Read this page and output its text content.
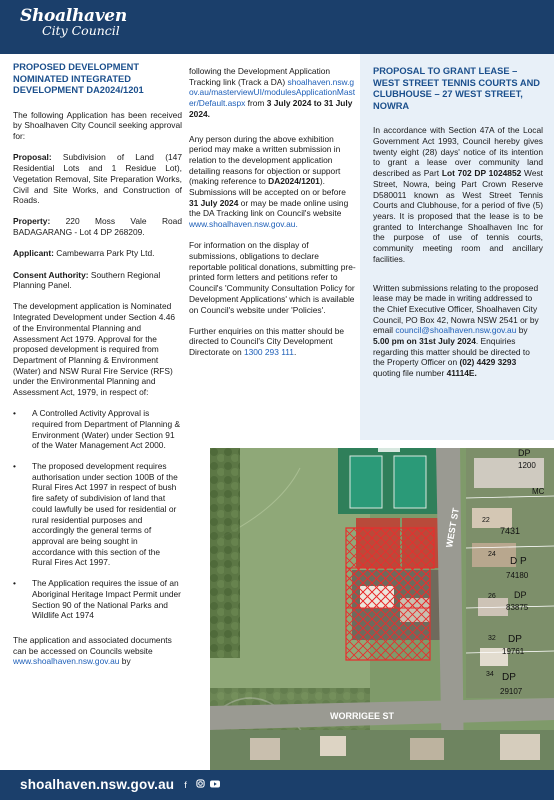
Shoalhaven
City Council
PROPOSED DEVELOPMENT NOMINATED INTEGRATED DEVELOPMENT DA2024/1201

The following Application has been received by Shoalhaven City Council seeking approval for:

Proposal: Subdivision of Land (147 Residential Lots and 1 Residue Lot), Vegetation Removal, Site Preparation Works, Civil and Site Works, and Construction of Roads.

Property: 220 Moss Vale Road BADAGARANG - Lot 4 DP 268209.

Applicant: Cambewarra Park Pty Ltd.

Consent Authority: Southern Regional Planning Panel.

The development application is Nominated Integrated Development under Section 4.46 of the Environmental Planning and Assessment Act 1979. Approval for the proposed development is required from Department of Planning & Environment (Water) and NSW Rural Fire Service (RFS) under the Environmental Planning and Assessment Act, 1979, in respect of:

• A Controlled Activity Approval is required from Department of Planning & Environment (Water) under Section 91 of the Water Management Act 2000.
• The proposed development requires authorisation under section 100B of the Rural Fires Act 1997 in respect of bush fire safety of subdivision of land that could lawfully be used for residential or rural residential purposes and accordingly the general terms of approval are being sought in accordance with this section of the Rural Fires Act 1997.
• The Application requires the issue of an Aboriginal Heritage Impact Permit under Section 90 of the National Parks and Wildlife Act 1974

The application and associated documents can be accessed on Councils website www.shoalhaven.nsw.gov.au by

following the Development Application Tracking link (Track a DA) shoalhaven.nsw.gov.au/masterviewUI/modulesApplicationMaster/Default.aspx from 3 July 2024 to 31 July 2024.

Any person during the above exhibition period may make a written submission in relation to the development application detailing reasons for objection or support (making reference to DA2024/1201). Submissions will be accepted on or before 31 July 2024 or may be made online using the DA Tracking link on Council's website www.shoalhaven.nsw.gov.au.

For information on the display of submissions, obligations to declare reportable political donations, submitting pre-printed form letters and petitions refer to Council's 'Community Consultation Policy for Development Applications' which is available on Council's website under 'Policies'.

Further enquiries on this matter should be directed to Council's City Development Directorate on 1300 293 111.

PROPOSAL TO GRANT LEASE – WEST STREET TENNIS COURTS AND CLUBHOUSE – 27 WEST STREET, NOWRA

In accordance with Section 47A of the Local Government Act 1993, Council hereby gives twenty eight (28) days' notice of its intention to grant a lease over community land described as Part Lot 702 DP 1024852 West Street, Nowra, being Part Crown Reserve D580011 known as West Street Tennis Courts and Clubhouse, for a period of five (5) years. It is proposed that the lease is to be granted to Interchange Shoalhaven Inc for the purpose of use of tennis courts, community meeting room and ancillary facilities.

Written submissions relating to the proposed lease may be made in writing addressed to the Chief Executive Officer, Shoalhaven City Council, PO Box 42, Nowra NSW 2541 or by email council@shoalhaven.nsw.gov.au by 5.00 pm on 31st July 2024. Enquiries regarding this matter should be directed to the Property Officer on (02) 4429 3293 quoting file number 41114E.

WEST ST
WORRIGEE ST
DP
1200
MC
22
7431
24
D P
74180
26 DP
83875
32 DP
19761
34 DP
29107
shoalhaven.nsw.gov.au	f
